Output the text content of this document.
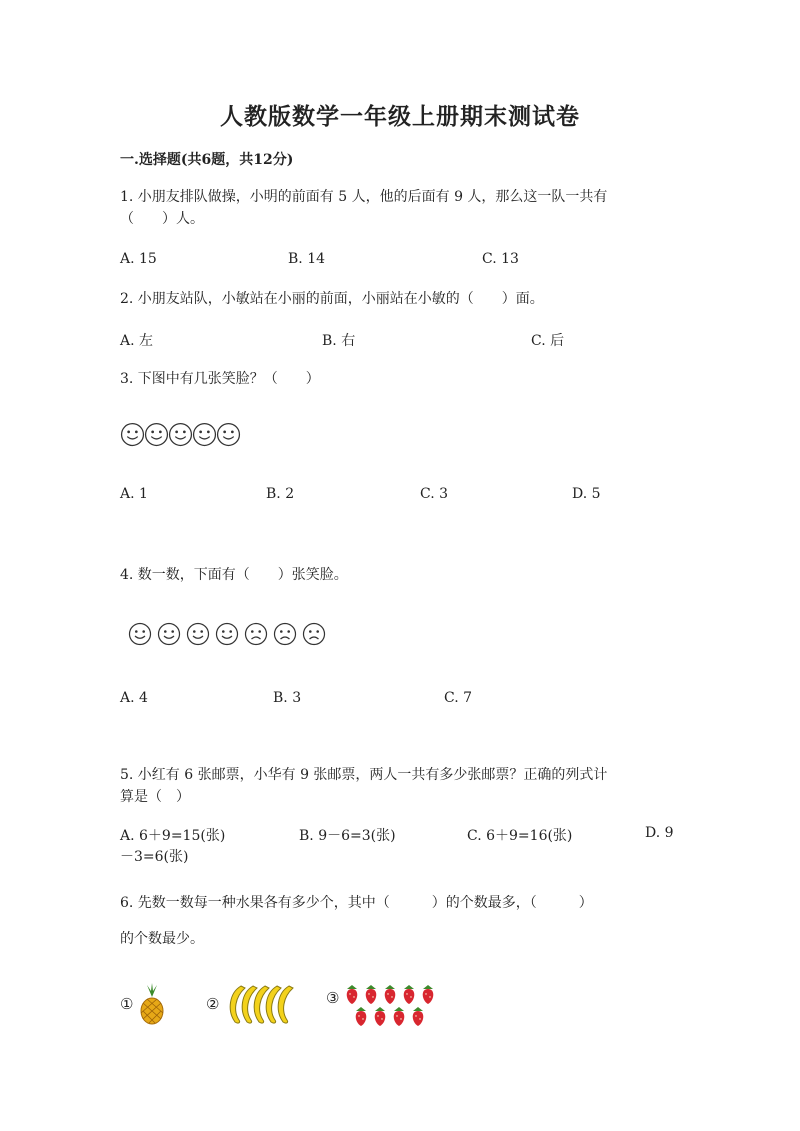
人教版数学一年级上册期末测试卷
一.选择题(共6题，共12分)
1. 小朋友排队做操，小明的前面有 5 人，他的后面有 9 人，那么这一队一共有
（　　）人。
A. 15	B. 14	C. 13
2. 小朋友站队，小敏站在小丽的前面，小丽站在小敏的（　　）面。
A. 左	B. 右	C. 后
3. 下图中有几张笑脸？（　　）
A. 1	B. 2	C. 3	D. 5
4. 数一数，下面有（　　）张笑脸。
A. 4	B. 3	C. 7
5. 小红有 6 张邮票，小华有 9 张邮票，两人一共有多少张邮票？正确的列式计
算是（　）
A. 6＋9=15(张)	B. 9－6=3(张)	C. 6＋9=16(张)	D. 9
－3=6(张)
6. 先数一数每一种水果各有多少个，其中（　　　）的个数最多，（　　　）
的个数最少。
①	②	③
